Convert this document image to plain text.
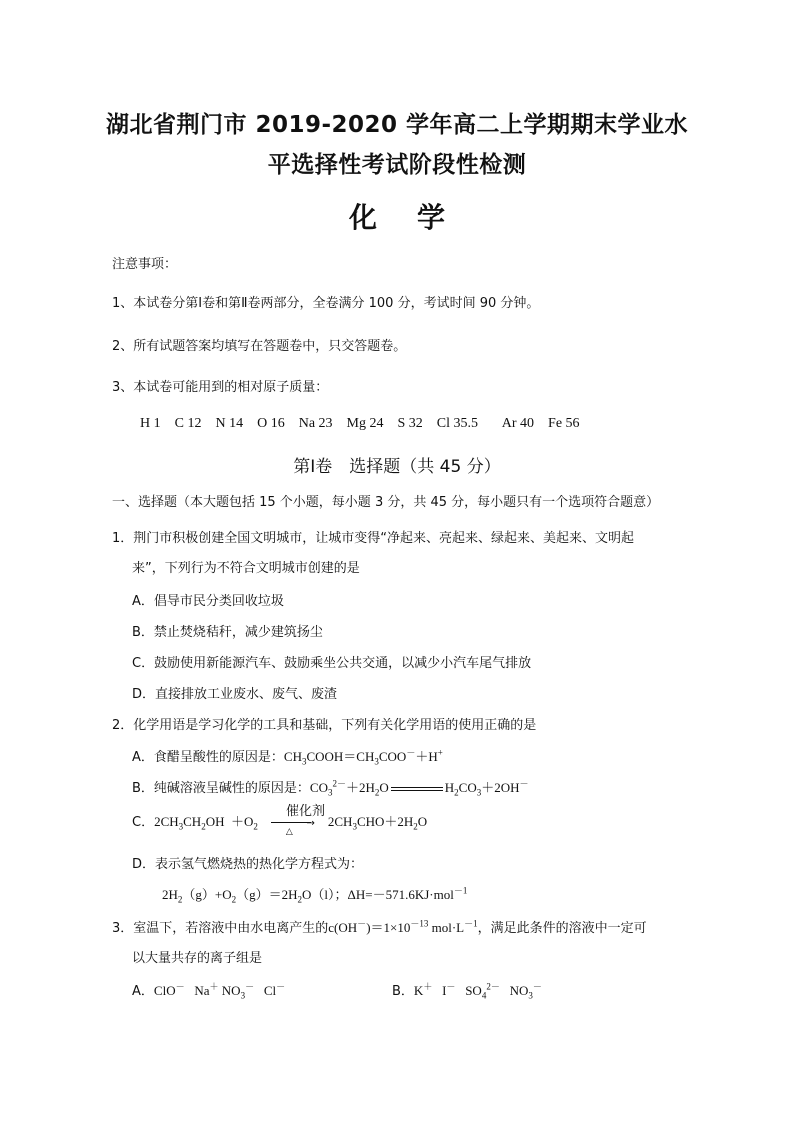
湖北省荆门市 2019-2020 学年高二上学期期末学业水
平选择性考试阶段性检测
化学
注意事项：
1、本试卷分第Ⅰ卷和第Ⅱ卷两部分，全卷满分 100 分，考试时间 90 分钟。
2、所有试题答案均填写在答题卷中，只交答题卷。
3、本试卷可能用到的相对原子质量：
H 1 C 12 N 14 O 16 Na 23 Mg 24 S 32 Cl 35.5 Ar 40 Fe 56
第Ⅰ卷　选择题（共 45 分）
一、选择题（本大题包括 15 个小题，每小题 3 分，共 45 分，每小题只有一个选项符合题意）
1．荆门市积极创建全国文明城市，让城市变得“净起来、亮起来、绿起来、美起来、文明起
来”，下列行为不符合文明城市创建的是
A．倡导市民分类回收垃圾
B．禁止焚烧秸秆，减少建筑扬尘
C．鼓励使用新能源汽车、鼓励乘坐公共交通，以减少小汽车尾气排放
D．直接排放工业废水、废气、废渣
2．化学用语是学习化学的工具和基础，下列有关化学用语的使用正确的是
A．食醋呈酸性的原因是：$CH_3COOH=CH_3COO^-+H^+$
B．纯碱溶液呈碱性的原因是：$CO_3^{2-}+2H_2O$	$H_2CO_3+2OH^-$
催化剂
C．$2CH_3CH_2OH +O_2$	→
△
$2CH_3CHO+2H_2O$
D．表示氢气燃烧热的热化学方程式为：
$2H_2(g)+O_2(g)=2H_2O(l)$；ΔH=－571.6KJ·mol$^{-1}$
3．室温下，若溶液中由水电离产生的$c(OH^-)=1\times 10^{-13}$ $mol\cdot L^{-1}$，满足此条件的溶液中一定可
以大量共存的离子组是
A．ClO－   Na＋ $NO_3^-$   Cl－	B．K＋   I－   $SO_4^{2-}$   $NO_3^-$
